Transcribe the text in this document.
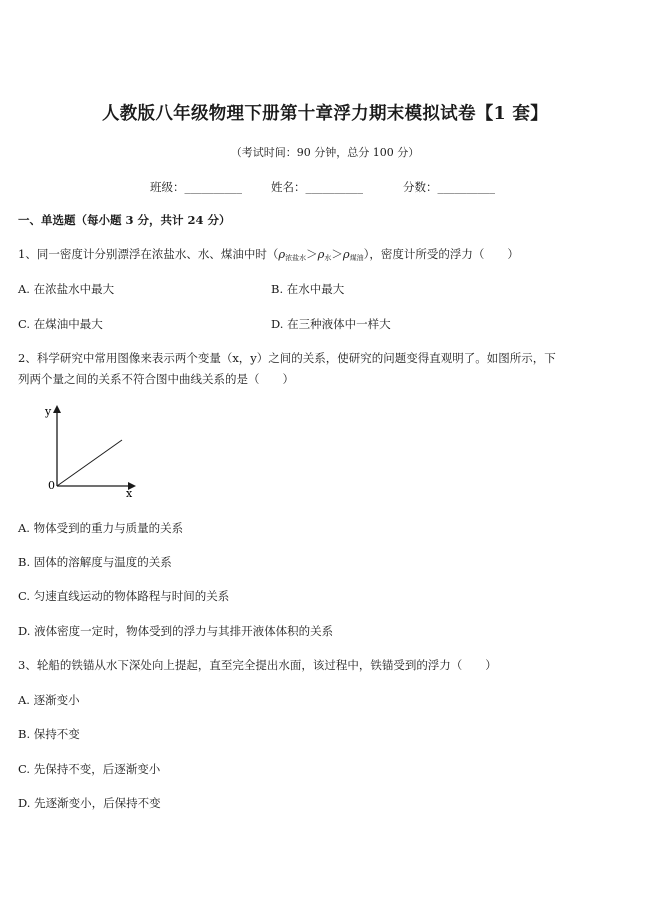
人教版八年级物理下册第十章浮力期末模拟试卷【1 套】
（考试时间：90 分钟，总分 100 分）
班级：__________	姓名：__________	分数：__________
一、单选题（每小题 3 分，共计 24 分）
1、同一密度计分别漂浮在浓盐水、水、煤油中时$(\rho_{浓盐水}>\rho_水>\rho_{煤油})$，密度计所受的浮力（　　）
A. 在浓盐水中最大	B. 在水中最大
C. 在煤油中最大	D. 在三种液体中一样大
2、科学研究中常用图像来表示两个变量（x，y）之间的关系，使研究的问题变得直观明了。如图所示，下
列两个量之间的关系不符合图中曲线关系的是（　　）
y
x
0
A. 物体受到的重力与质量的关系
B. 固体的溶解度与温度的关系
C. 匀速直线运动的物体路程与时间的关系
D. 液体密度一定时，物体受到的浮力与其排开液体体积的关系
3、轮船的铁锚从水下深处向上提起，直至完全提出水面，该过程中，铁锚受到的浮力（　　）
A. 逐渐变小
B. 保持不变
C. 先保持不变，后逐渐变小
D. 先逐渐变小，后保持不变
